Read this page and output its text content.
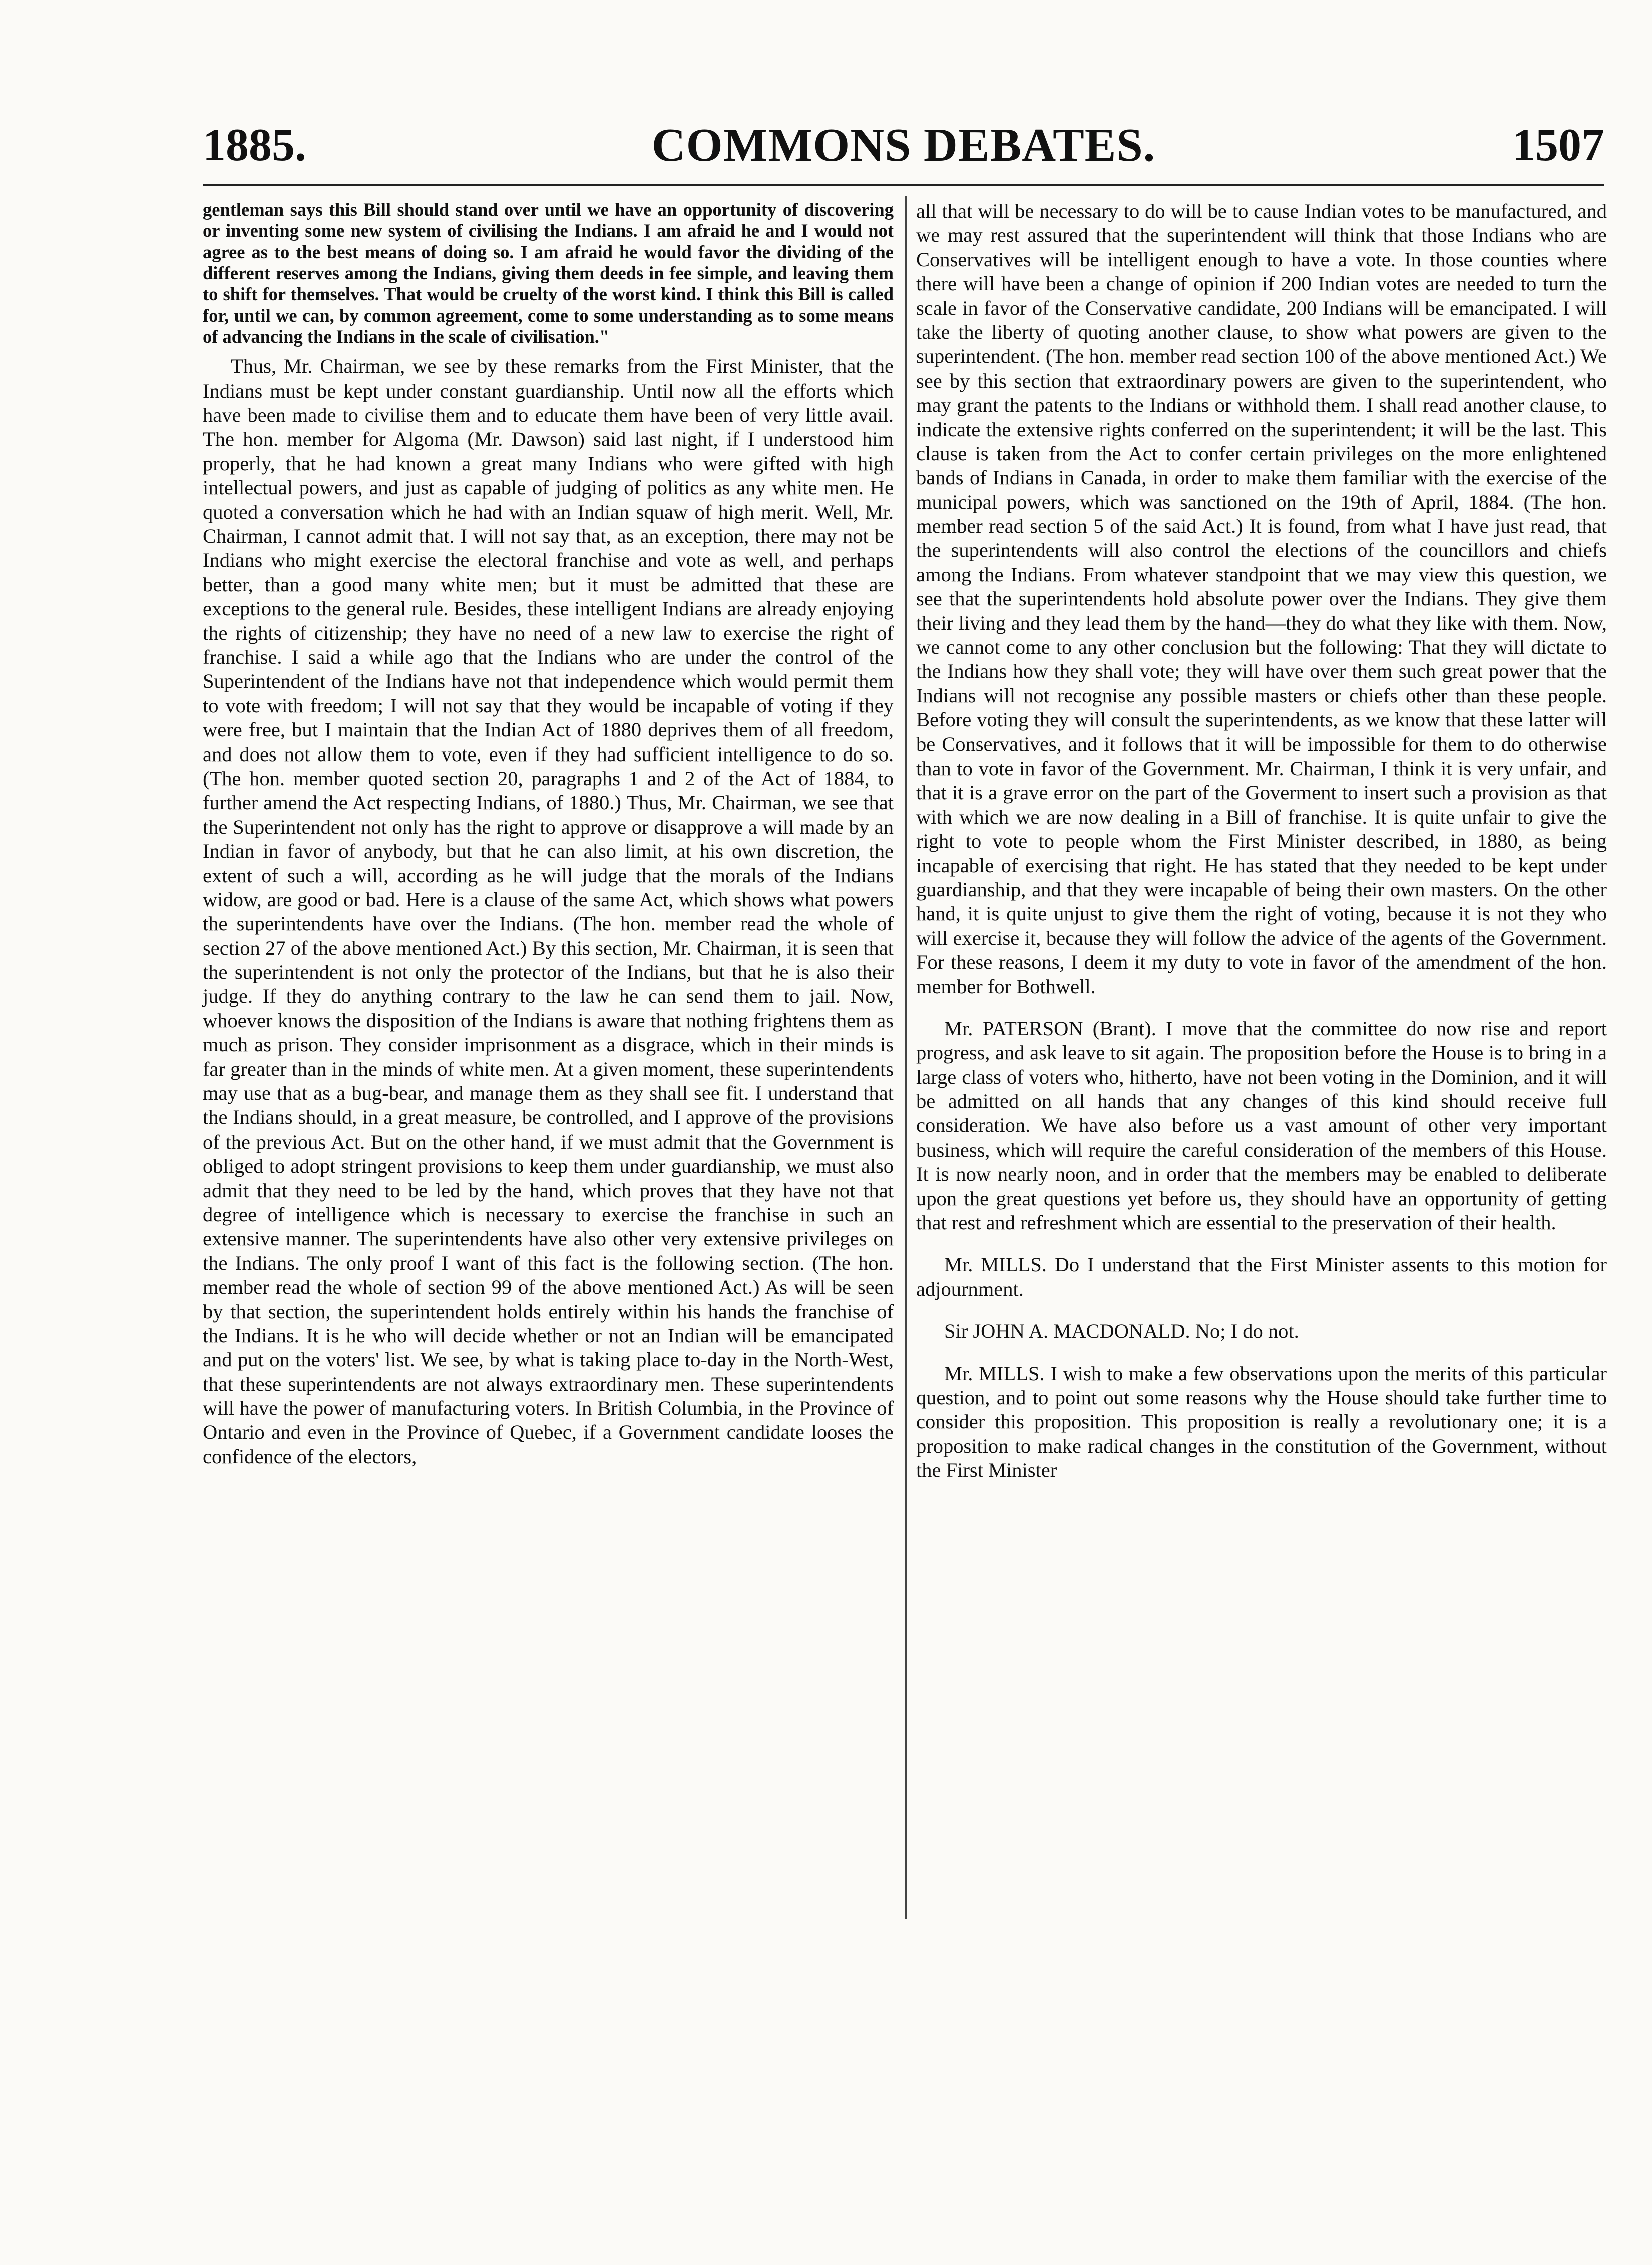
1885.	COMMONS DEBATES.	1507

gentleman says this Bill should stand over until we have an opportunity of discovering or inventing some new system of civilising the Indians. I am afraid he and I would not agree as to the best means of doing so. I am afraid he would favor the dividing of the different reserves among the Indians, giving them deeds in fee simple, and leaving them to shift for themselves. That would be cruelty of the worst kind. I think this Bill is called for, until we can, by common agreement, come to some understanding as to some means of advancing the Indians in the scale of civilisation."

Thus, Mr. Chairman, we see by these remarks from the First Minister, that the Indians must be kept under constant guardianship. Until now all the efforts which have been made to civilise them and to educate them have been of very little avail. The hon. member for Algoma (Mr. Dawson) said last night, if I understood him properly, that he had known a great many Indians who were gifted with high intellectual powers, and just as capable of judging of politics as any white men. He quoted a conversation which he had with an Indian squaw of high merit. Well, Mr. Chairman, I cannot admit that. I will not say that, as an exception, there may not be Indians who might exercise the electoral franchise and vote as well, and perhaps better, than a good many white men; but it must be admitted that these are exceptions to the general rule. Besides, these intelligent Indians are already enjoying the rights of citizenship; they have no need of a new law to exercise the right of franchise. I said a while ago that the Indians who are under the control of the Superintendent of the Indians have not that independence which would permit them to vote with freedom; I will not say that they would be incapable of voting if they were free, but I maintain that the Indian Act of 1880 deprives them of all freedom, and does not allow them to vote, even if they had sufficient intelligence to do so. (The hon. member quoted section 20, paragraphs 1 and 2 of the Act of 1884, to further amend the Act respecting Indians, of 1880.) Thus, Mr. Chairman, we see that the Superintendent not only has the right to approve or disapprove a will made by an Indian in favor of anybody, but that he can also limit, at his own discretion, the extent of such a will, according as he will judge that the morals of the Indians widow, are good or bad. Here is a clause of the same Act, which shows what powers the superintendents have over the Indians. (The hon. member read the whole of section 27 of the above mentioned Act.) By this section, Mr. Chairman, it is seen that the superintendent is not only the protector of the Indians, but that he is also their judge. If they do anything contrary to the law he can send them to jail. Now, whoever knows the disposition of the Indians is aware that nothing frightens them as much as prison. They consider imprisonment as a disgrace, which in their minds is far greater than in the minds of white men. At a given moment, these superintendents may use that as a bug-bear, and manage them as they shall see fit. I understand that the Indians should, in a great measure, be controlled, and I approve of the provisions of the previous Act. But on the other hand, if we must admit that the Government is obliged to adopt stringent provisions to keep them under guardianship, we must also admit that they need to be led by the hand, which proves that they have not that degree of intelligence which is necessary to exercise the franchise in such an extensive manner. The superintendents have also other very extensive privileges on the Indians. The only proof I want of this fact is the following section. (The hon. member read the whole of section 99 of the above mentioned Act.) As will be seen by that section, the superintendent holds entirely within his hands the franchise of the Indians. It is he who will decide whether or not an Indian will be emancipated and put on the voters' list. We see, by what is taking place to-day in the North-West, that these superintendents are not always extraordinary men. These superintendents will have the power of manufacturing voters. In British Columbia, in the Province of Ontario and even in the Province of Quebec, if a Government candidate looses the confidence of the electors,

all that will be necessary to do will be to cause Indian votes to be manufactured, and we may rest assured that the superintendent will think that those Indians who are Conservatives will be intelligent enough to have a vote. In those counties where there will have been a change of opinion if 200 Indian votes are needed to turn the scale in favor of the Conservative candidate, 200 Indians will be emancipated. I will take the liberty of quoting another clause, to show what powers are given to the superintendent. (The hon. member read section 100 of the above mentioned Act.) We see by this section that extraordinary powers are given to the superintendent, who may grant the patents to the Indians or withhold them. I shall read another clause, to indicate the extensive rights conferred on the superintendent; it will be the last. This clause is taken from the Act to confer certain privileges on the more enlightened bands of Indians in Canada, in order to make them familiar with the exercise of the municipal powers, which was sanctioned on the 19th of April, 1884. (The hon. member read section 5 of the said Act.) It is found, from what I have just read, that the superintendents will also control the elections of the councillors and chiefs among the Indians. From whatever standpoint that we may view this question, we see that the superintendents hold absolute power over the Indians. They give them their living and they lead them by the hand—they do what they like with them. Now, we cannot come to any other conclusion but the following: That they will dictate to the Indians how they shall vote; they will have over them such great power that the Indians will not recognise any possible masters or chiefs other than these people. Before voting they will consult the superintendents, as we know that these latter will be Conservatives, and it follows that it will be impossible for them to do otherwise than to vote in favor of the Government. Mr. Chairman, I think it is very unfair, and that it is a grave error on the part of the Goverment to insert such a provision as that with which we are now dealing in a Bill of franchise. It is quite unfair to give the right to vote to people whom the First Minister described, in 1880, as being incapable of exercising that right. He has stated that they needed to be kept under guardianship, and that they were incapable of being their own masters. On the other hand, it is quite unjust to give them the right of voting, because it is not they who will exercise it, because they will follow the advice of the agents of the Government. For these reasons, I deem it my duty to vote in favor of the amendment of the hon. member for Bothwell.

Mr. PATERSON (Brant). I move that the committee do now rise and report progress, and ask leave to sit again. The proposition before the House is to bring in a large class of voters who, hitherto, have not been voting in the Dominion, and it will be admitted on all hands that any changes of this kind should receive full consideration. We have also before us a vast amount of other very important business, which will require the careful consideration of the members of this House. It is now nearly noon, and in order that the members may be enabled to deliberate upon the great questions yet before us, they should have an opportunity of getting that rest and refreshment which are essential to the preservation of their health.

Mr. MILLS. Do I understand that the First Minister assents to this motion for adjournment.

Sir JOHN A. MACDONALD. No; I do not.

Mr. MILLS. I wish to make a few observations upon the merits of this particular question, and to point out some reasons why the House should take further time to consider this proposition. This proposition is really a revolutionary one; it is a proposition to make radical changes in the constitution of the Government, without the First Minister
